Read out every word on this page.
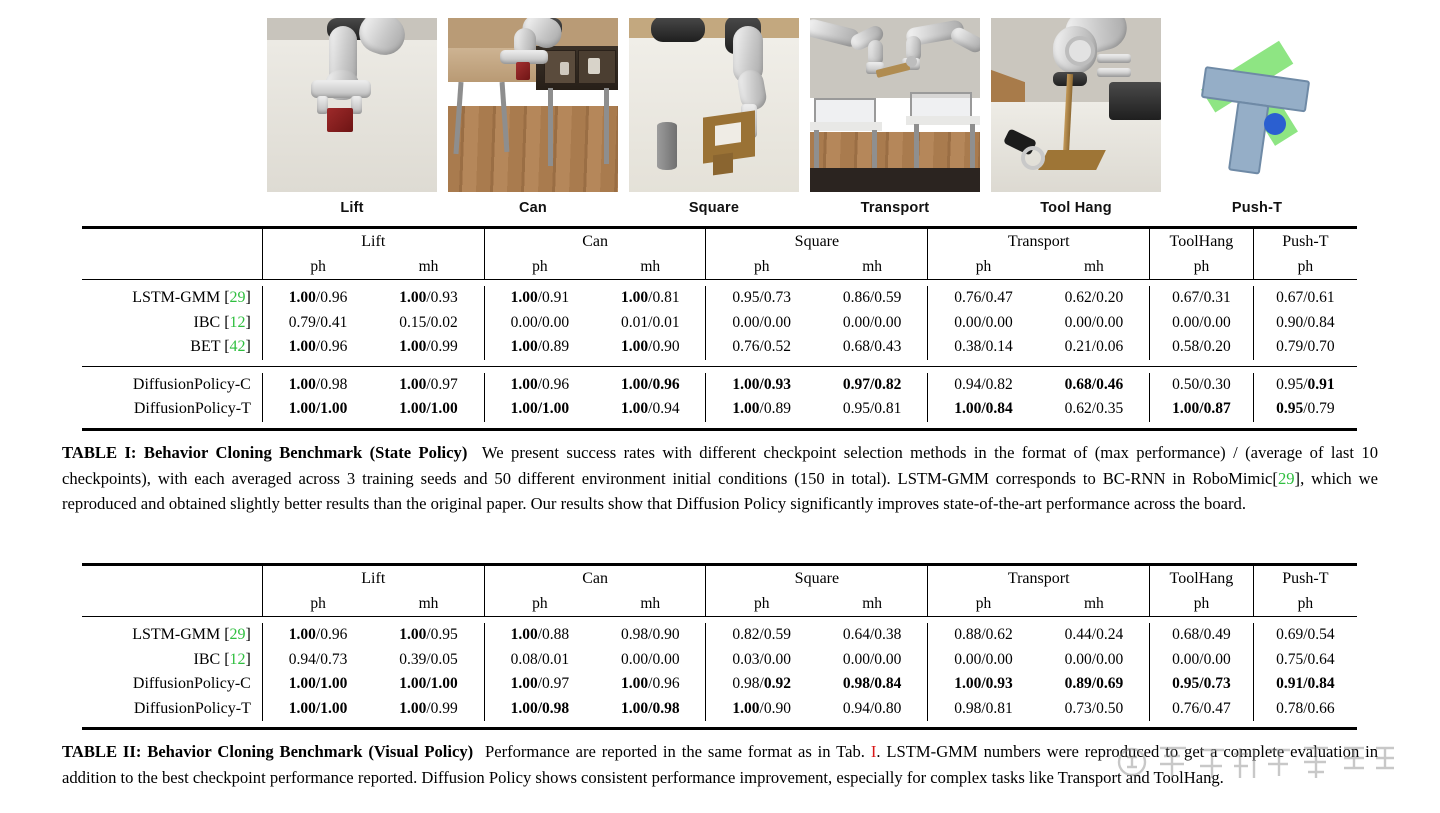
Lift	Can	Square	Transport	Tool Hang	Push-T

	Lift		Can		Square		Transport		ToolHang	Push-T
	ph	mh	ph	mh	ph	mh	ph	mh	ph	ph

LSTM-GMM [29]	1.00/0.96	1.00/0.93	1.00/0.91	1.00/0.81	0.95/0.73	0.86/0.59	0.76/0.47	0.62/0.20	0.67/0.31	0.67/0.61
IBC [12]	0.79/0.41	0.15/0.02	0.00/0.00	0.01/0.01	0.00/0.00	0.00/0.00	0.00/0.00	0.00/0.00	0.00/0.00	0.90/0.84
BET [42]	1.00/0.96	1.00/0.99	1.00/0.89	1.00/0.90	0.76/0.52	0.68/0.43	0.38/0.14	0.21/0.06	0.58/0.20	0.79/0.70

DiffusionPolicy-C	1.00/0.98	1.00/0.97	1.00/0.96	1.00/0.96	1.00/0.93	0.97/0.82	0.94/0.82	0.68/0.46	0.50/0.30	0.95/0.91
DiffusionPolicy-T	1.00/1.00	1.00/1.00	1.00/1.00	1.00/0.94	1.00/0.89	0.95/0.81	1.00/0.84	0.62/0.35	1.00/0.87	0.95/0.79

TABLE I: Behavior Cloning Benchmark (State Policy) We present success rates with different checkpoint selection methods in the format of (max performance) / (average of last 10 checkpoints), with each averaged across 3 training seeds and 50 different environment initial conditions (150 in total). LSTM-GMM corresponds to BC-RNN in RoboMimic[29], which we reproduced and obtained slightly better results than the original paper. Our results show that Diffusion Policy significantly improves state-of-the-art performance across the board.

	Lift		Can		Square		Transport		ToolHang	Push-T
	ph	mh	ph	mh	ph	mh	ph	mh	ph	ph

LSTM-GMM [29]	1.00/0.96	1.00/0.95	1.00/0.88	0.98/0.90	0.82/0.59	0.64/0.38	0.88/0.62	0.44/0.24	0.68/0.49	0.69/0.54
IBC [12]	0.94/0.73	0.39/0.05	0.08/0.01	0.00/0.00	0.03/0.00	0.00/0.00	0.00/0.00	0.00/0.00	0.00/0.00	0.75/0.64
DiffusionPolicy-C	1.00/1.00	1.00/1.00	1.00/0.97	1.00/0.96	0.98/0.92	0.98/0.84	1.00/0.93	0.89/0.69	0.95/0.73	0.91/0.84
DiffusionPolicy-T	1.00/1.00	1.00/0.99	1.00/0.98	1.00/0.98	1.00/0.90	0.94/0.80	0.98/0.81	0.73/0.50	0.76/0.47	0.78/0.66

TABLE II: Behavior Cloning Benchmark (Visual Policy) Performance are reported in the same format as in Tab. I. LSTM-GMM numbers were reproduced to get a complete evaluation in addition to the best checkpoint performance reported. Diffusion Policy shows consistent performance improvement, especially for complex tasks like Transport and ToolHang.
